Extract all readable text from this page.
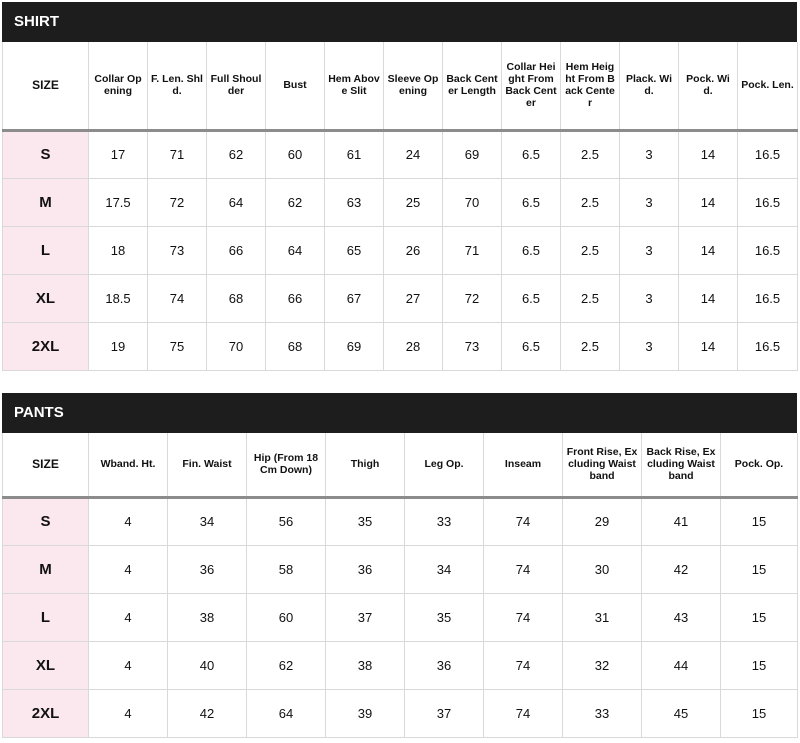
SHIRT
SIZE	Collar Opening	F. Len. Shld.	Full Shoulder	Bust	Hem Above Slit	Sleeve Opening	Back Center Length	Collar Height From Back Center	Hem Height From Back Center	Plack. Wid.	Pock. Wid.	Pock. Len.
S	17	71	62	60	61	24	69	6.5	2.5	3	14	16.5
M	17.5	72	64	62	63	25	70	6.5	2.5	3	14	16.5
L	18	73	66	64	65	26	71	6.5	2.5	3	14	16.5
XL	18.5	74	68	66	67	27	72	6.5	2.5	3	14	16.5
2XL	19	75	70	68	69	28	73	6.5	2.5	3	14	16.5
PANTS
SIZE	Wband. Ht.	Fin. Waist	Hip (From 18 Cm Down)	Thigh	Leg Op.	Inseam	Front Rise, Excluding Waistband	Back Rise, Excluding Waistband	Pock. Op.
S	4	34	56	35	33	74	29	41	15
M	4	36	58	36	34	74	30	42	15
L	4	38	60	37	35	74	31	43	15
XL	4	40	62	38	36	74	32	44	15
2XL	4	42	64	39	37	74	33	45	15
